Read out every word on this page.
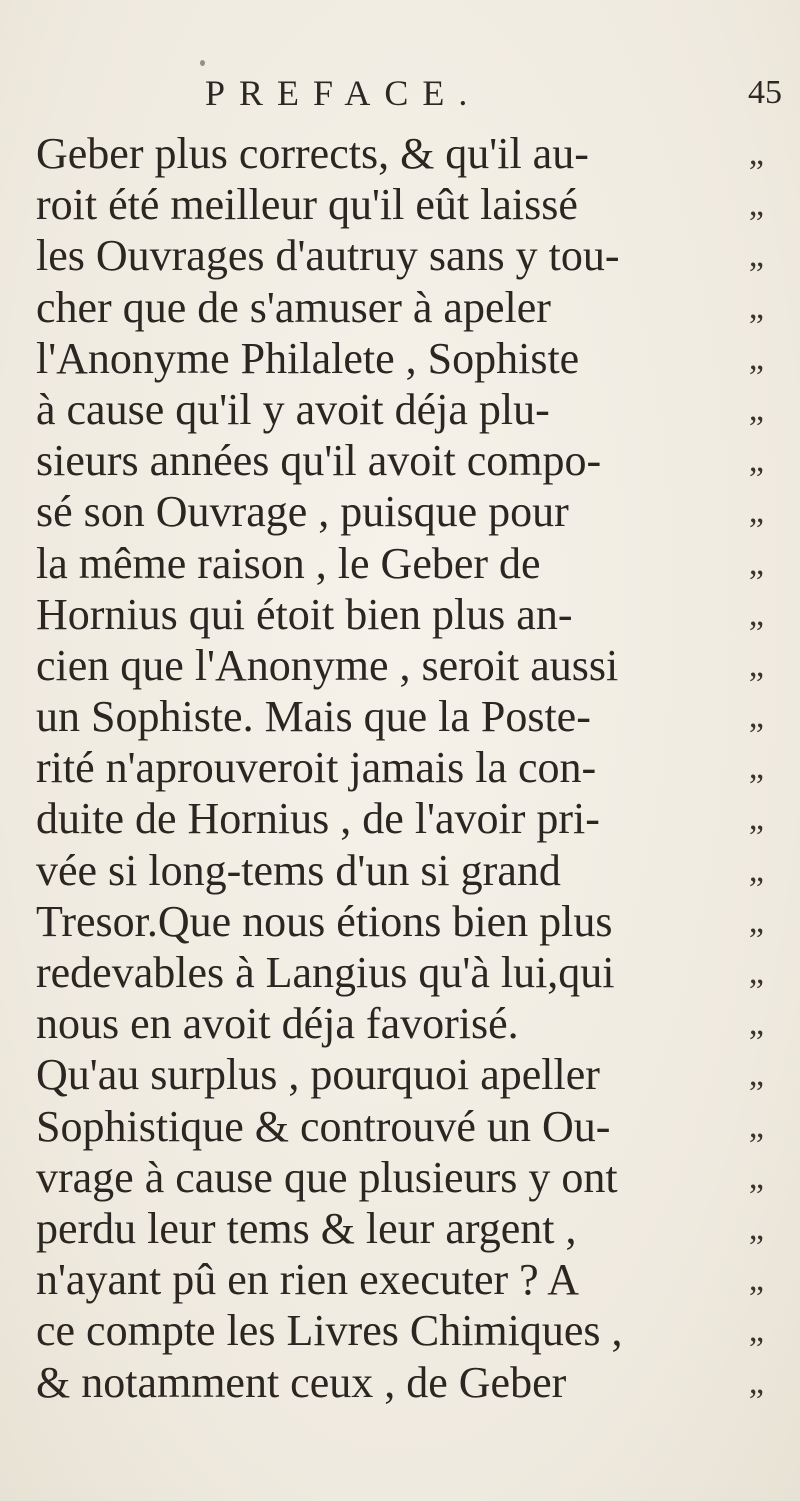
PREFACE.	45
Geber plus corrects, & qu'il au-	„
roit été meilleur qu'il eût laissé	„
les Ouvrages d'autruy sans y tou-	„
cher que de s'amuser à apeler	„
l'Anonyme Philalete , Sophiste	„
à cause qu'il y avoit déja plu-	„
sieurs années qu'il avoit compo-	„
sé son Ouvrage , puisque pour	„
la même raison , le Geber de	„
Hornius qui étoit bien plus an-	„
cien que l'Anonyme , seroit aussi	„
un Sophiste. Mais que la Poste-	„
rité n'aprouveroit jamais la con-	„
duite de Hornius , de l'avoir pri-	„
vée si long-tems d'un si grand	„
Tresor.Que nous étions bien plus	„
redevables à Langius qu'à lui,qui	„
nous en avoit déja favorisé.	„
Qu'au surplus , pourquoi apeller	„
Sophistique & controuvé un Ou-	„
vrage à cause que plusieurs y ont	„
perdu leur tems & leur argent ,	„
n'ayant pû en rien executer ? A	„
ce compte les Livres Chimiques ,	„
& notamment ceux , de Geber	„
